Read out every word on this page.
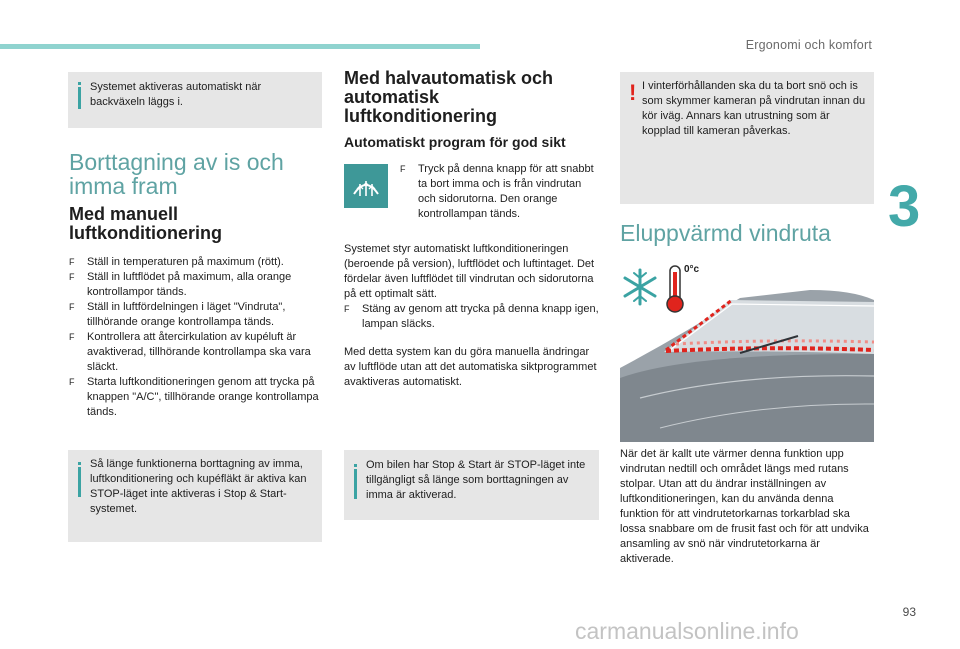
Ergonomi och komfort
3
Systemet aktiveras automatiskt när backväxeln läggs i.
Borttagning av is och imma fram
Med manuell luftkonditionering
F Ställ in temperaturen på maximum (rött).
F Ställ in luftflödet på maximum, alla orange kontrollampor tänds.
F Ställ in luftfördelningen i läget "Vindruta", tillhörande orange kontrollampa tänds.
F Kontrollera att återcirkulation av kupéluft är avaktiverad, tillhörande kontrollampa ska vara släckt.
F Starta luftkonditioneringen genom att trycka på knappen "A/C", tillhörande orange kontrollampa tänds.
Så länge funktionerna borttagning av imma, luftkonditionering och kupéfläkt är aktiva kan STOP-läget inte aktiveras i Stop & Start-systemet.
Med halvautomatisk och automatisk luftkonditionering
Automatiskt program för god sikt
F Tryck på denna knapp för att snabbt ta bort imma och is från vindrutan och sidorutorna. Den orange kontrollampan tänds.
Systemet styr automatiskt luftkonditioneringen (beroende på version), luftflödet och luftintaget. Det fördelar även luftflödet till vindrutan och sidorutorna på ett optimalt sätt.
F Stäng av genom att trycka på denna knapp igen, lampan släcks.
Med detta system kan du göra manuella ändringar av luftflöde utan att det automatiska siktprogrammet avaktiveras automatiskt.
Om bilen har Stop & Start är STOP-läget inte tillgängligt så länge som borttagningen av imma är aktiverad.
! I vinterförhållanden ska du ta bort snö och is som skymmer kameran på vindrutan innan du kör iväg. Annars kan utrustning som är kopplad till kameran påverkas.
Eluppvärmd vindruta
0°c
När det är kallt ute värmer denna funktion upp vindrutan nedtill och området längs med rutans stolpar. Utan att du ändrar inställningen av luftkonditioneringen, kan du använda denna funktion för att vindrutetorkarnas torkarblad ska lossa snabbare om de frusit fast och för att undvika ansamling av snö när vindrutetorkarna är aktiverade.
93
carmanualsonline.info
